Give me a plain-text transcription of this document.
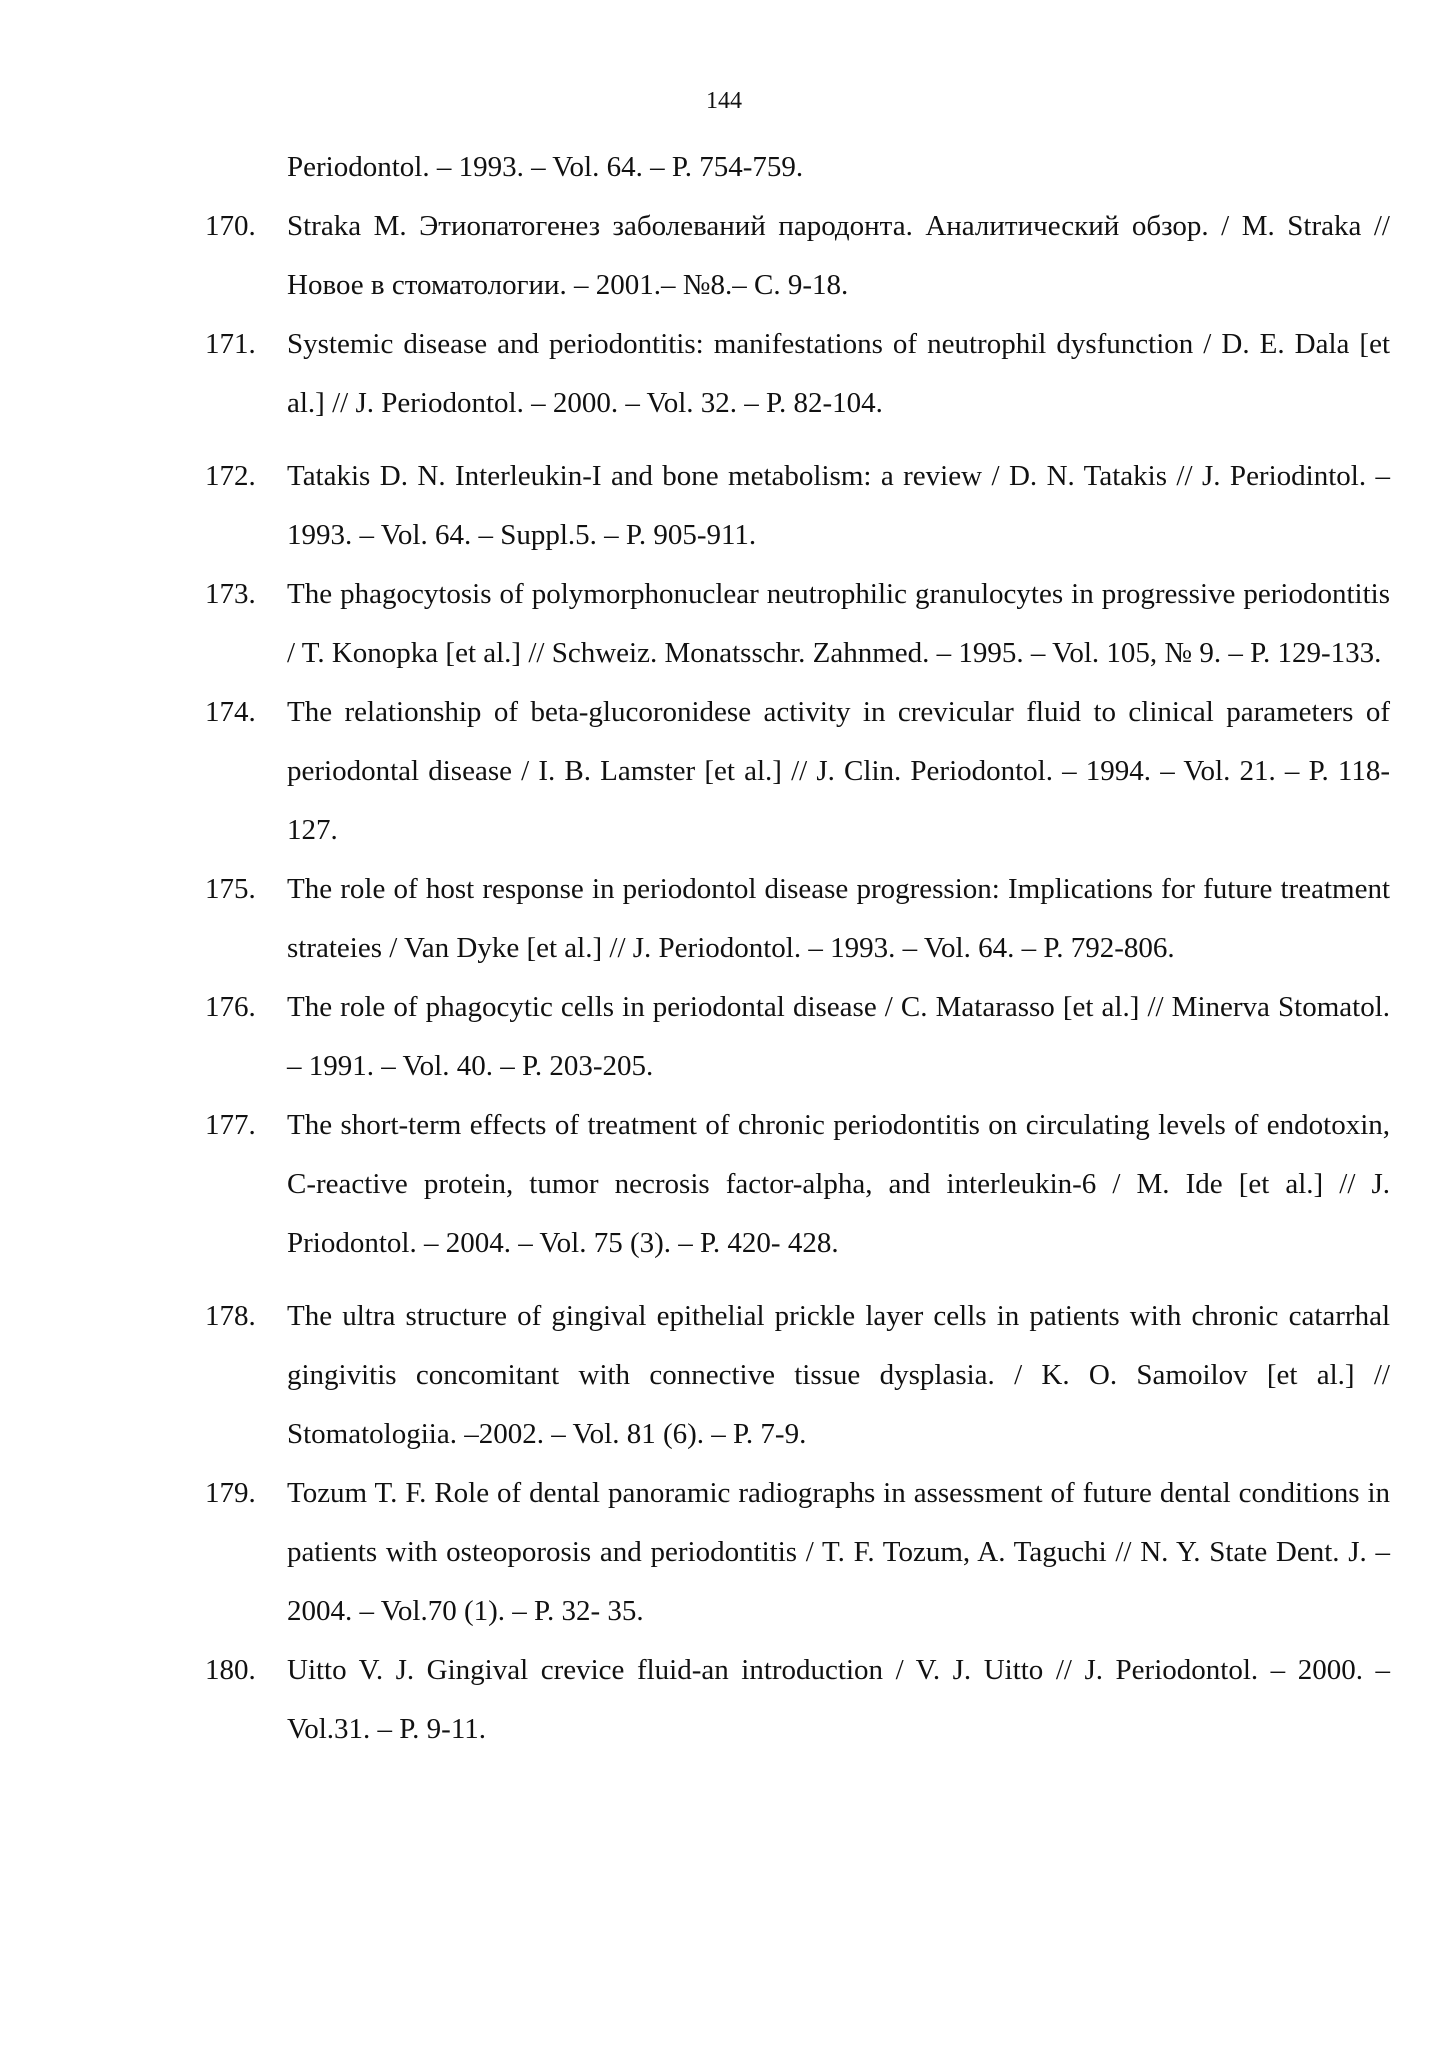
144
Periodontol. – 1993. – Vol. 64. – P. 754-759.
170.	Straka M. Этиопатогенез заболеваний пародонта. Аналитический обзор. / M. Straka // Новое в стоматологии. – 2001.– №8.– С. 9-18.
171.	Systemic disease and periodontitis: manifestations of neutrophil dysfunction / D. E. Dala [et al.] // J. Periodontol. – 2000. – Vol. 32. – P. 82-104.
172.	Tatakis D. N. Interleukin-I and bone metabolism: a review / D. N. Tatakis // J. Periodintol. – 1993. – Vol. 64. – Suppl.5. – P. 905-911.
173.	The phagocytosis of polymorphonuclear neutrophilic granulocytes in progressive periodontitis / T. Konopka [et al.] // Schweiz. Monatsschr. Zahnmed. – 1995. – Vol. 105, № 9. – P. 129-133.
174.	The relationship of beta-glucoronidese activity in crevicular fluid to clinical parameters of periodontal disease / I. B. Lamster [et al.] // J. Clin. Periodontol. – 1994. – Vol. 21. – P. 118-127.
175.	The role of host response in periodontol disease progression: Implications for future treatment strateies / Van Dyke [et al.] // J. Periodontol. – 1993. – Vol. 64. – P. 792-806.
176.	The role of phagocytic cells in periodontal disease / C. Matarasso [et al.] // Minerva Stomatol. – 1991. – Vol. 40. – P. 203-205.
177.	The short-term effects of treatment of chronic periodontitis on circulating levels of endotoxin, C-reactive protein, tumor necrosis factor-alpha, and interleukin-6 / M. Ide [et al.] // J. Priodontol. – 2004. – Vol. 75 (3). – P. 420- 428.
178.	The ultra structure of gingival epithelial prickle layer cells in patients with chronic catarrhal gingivitis concomitant with connective tissue dysplasia. / K. O. Samoilov [et al.] // Stomatologiia. –2002. – Vol. 81 (6). – P. 7-9.
179.	Tozum T. F. Role of dental panoramic radiographs in assessment of future dental conditions in patients with osteoporosis and periodontitis / T. F. Tozum, A. Taguchi // N. Y. State Dent. J. – 2004. – Vol.70 (1). – P. 32- 35.
180.	Uitto V. J. Gingival crevice fluid-an introduction / V. J. Uitto // J. Periodontol. – 2000. – Vol.31. – P. 9-11.
